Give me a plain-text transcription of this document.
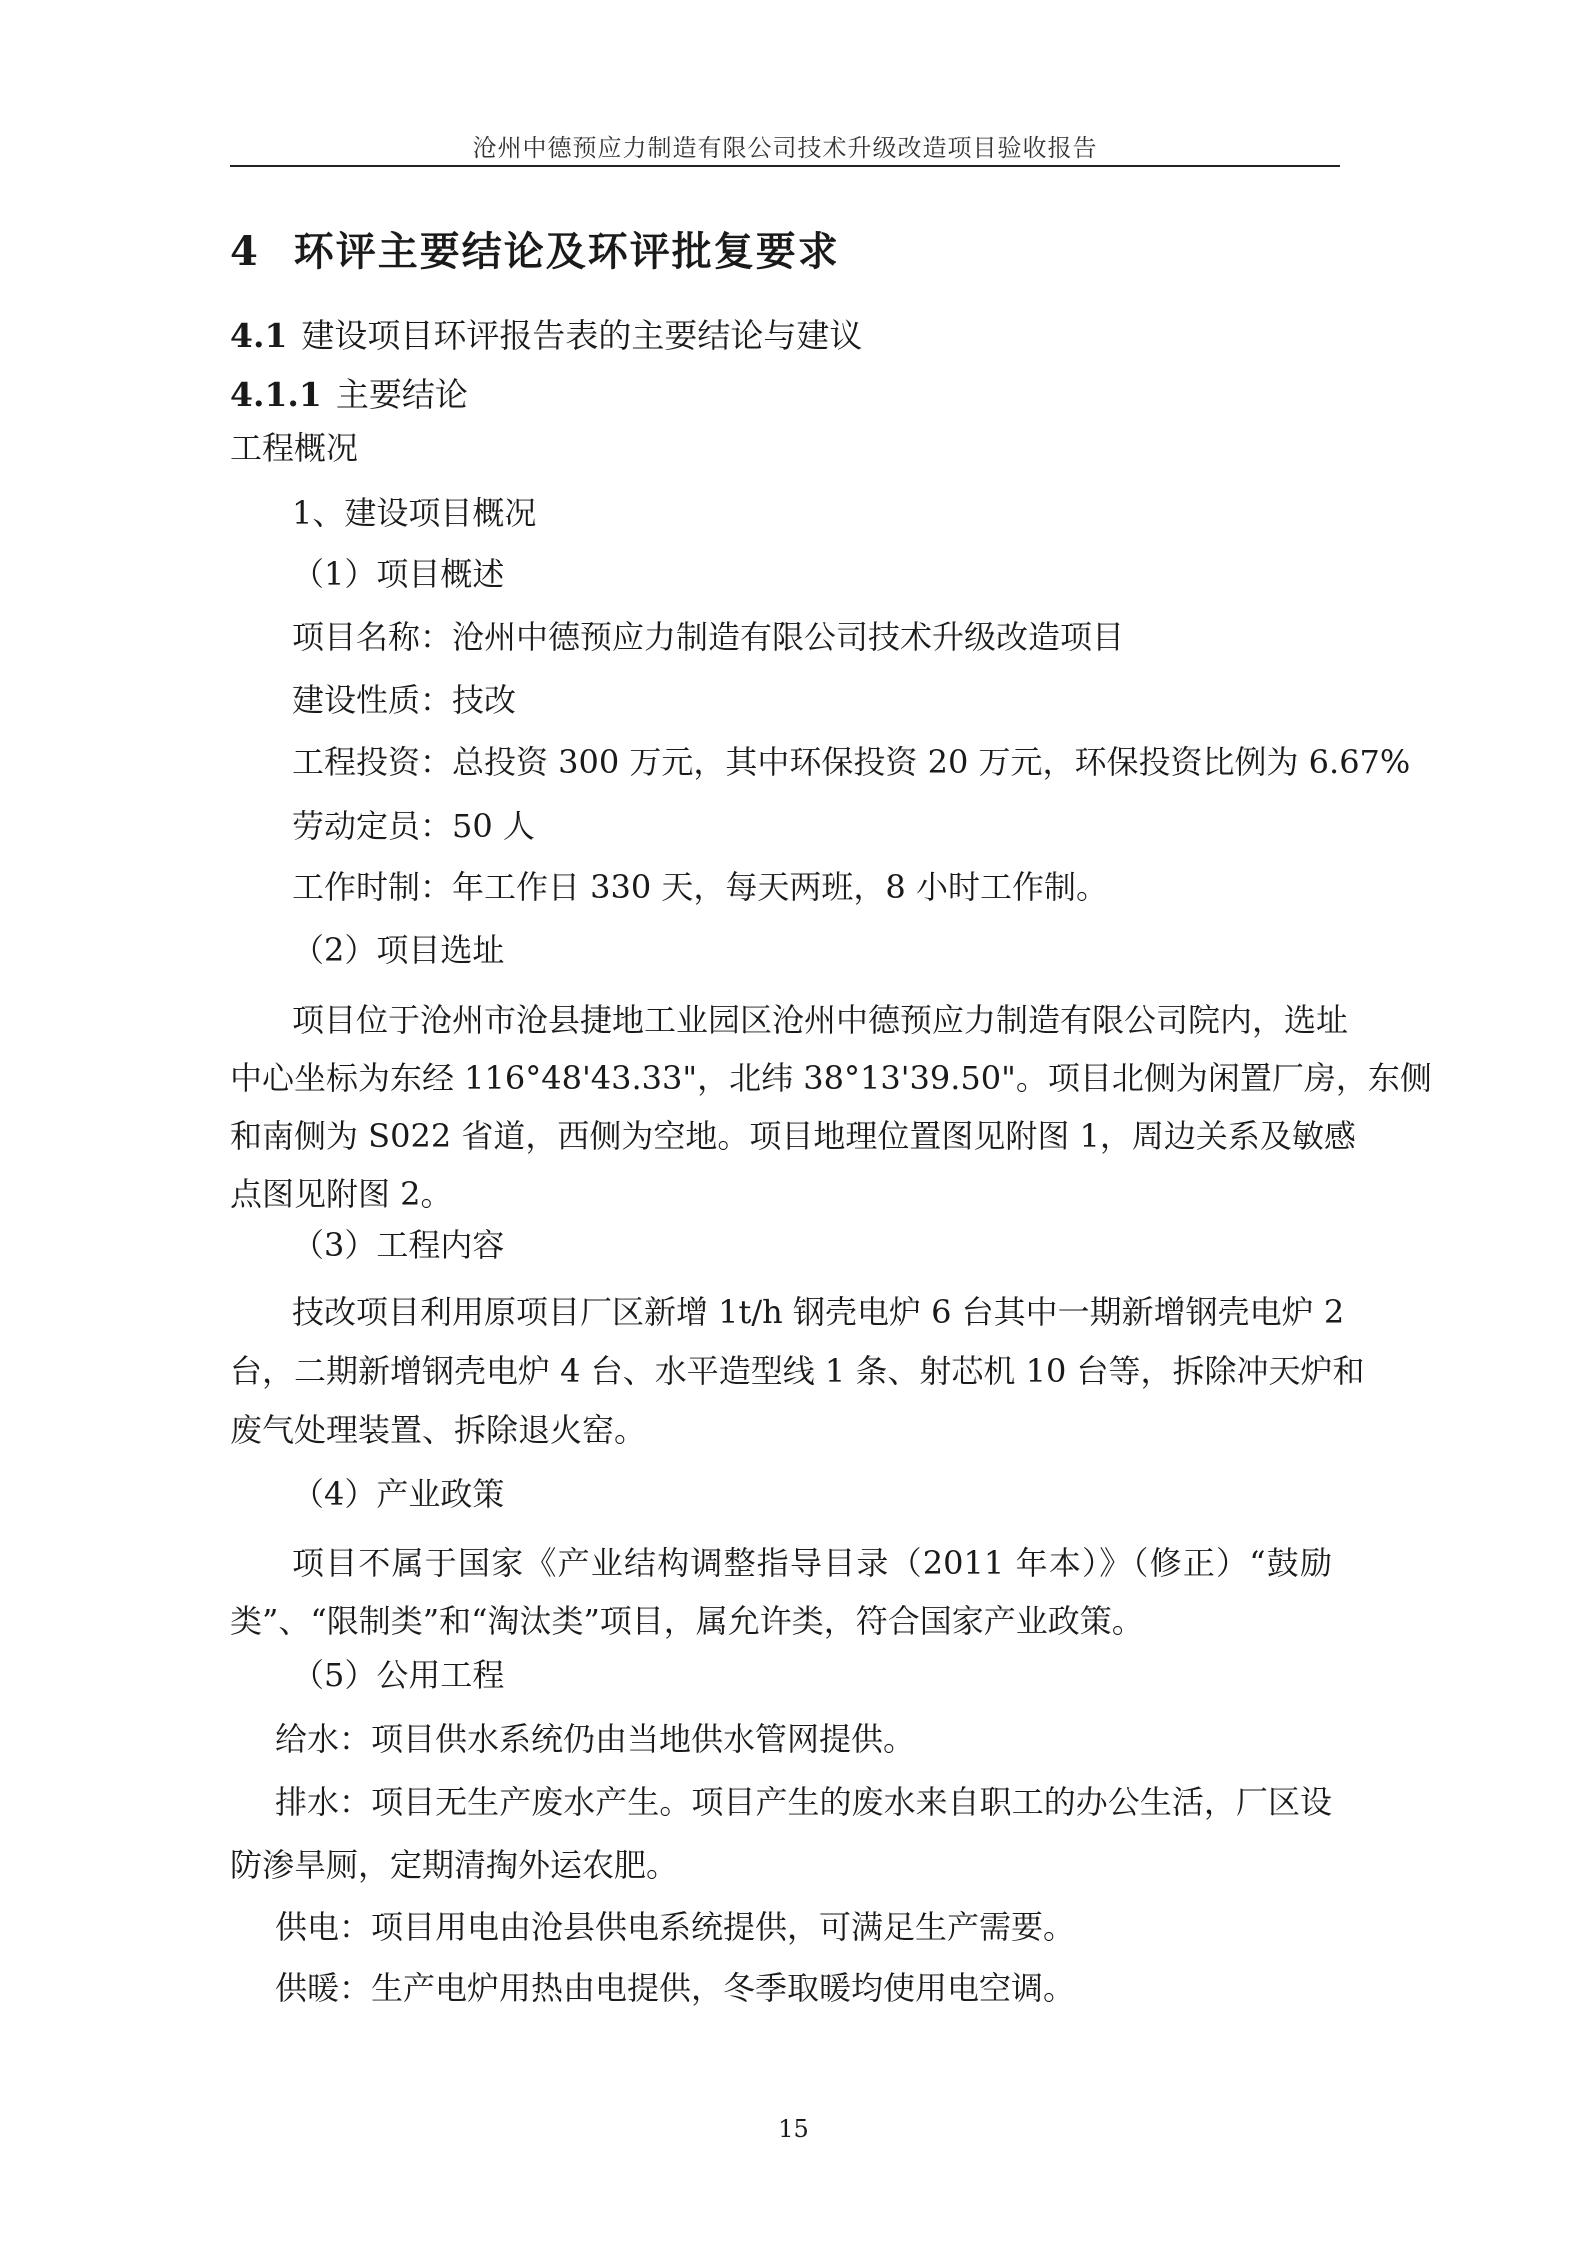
沧州中德预应力制造有限公司技术升级改造项目验收报告
4 环评主要结论及环评批复要求
4.1 建设项目环评报告表的主要结论与建议
4.1.1 主要结论
工程概况
1、建设项目概况
（1）项目概述
项目名称：沧州中德预应力制造有限公司技术升级改造项目
建设性质：技改
工程投资：总投资 300 万元，其中环保投资 20 万元，环保投资比例为 6.67%
劳动定员：50 人
工作时制：年工作日 330 天，每天两班，8 小时工作制。
（2）项目选址
项目位于沧州市沧县捷地工业园区沧州中德预应力制造有限公司院内，选址
中心坐标为东经 116°48'43.33"，北纬 38°13'39.50"。项目北侧为闲置厂房，东侧
和南侧为 S022 省道，西侧为空地。项目地理位置图见附图 1，周边关系及敏感
点图见附图 2。
（3）工程内容
技改项目利用原项目厂区新增 1t/h 钢壳电炉 6 台其中一期新增钢壳电炉 2
台，二期新增钢壳电炉 4 台、水平造型线 1 条、射芯机 10 台等，拆除冲天炉和
废气处理装置、拆除退火窑。
（4）产业政策
项目不属于国家《产业结构调整指导目录（2011 年本）》（修正）“鼓励
类”、“限制类”和“淘汰类”项目，属允许类，符合国家产业政策。
（5）公用工程
给水：项目供水系统仍由当地供水管网提供。
排水：项目无生产废水产生。项目产生的废水来自职工的办公生活，厂区设
防渗旱厕，定期清掏外运农肥。
供电：项目用电由沧县供电系统提供，可满足生产需要。
供暖：生产电炉用热由电提供，冬季取暖均使用电空调。
15
